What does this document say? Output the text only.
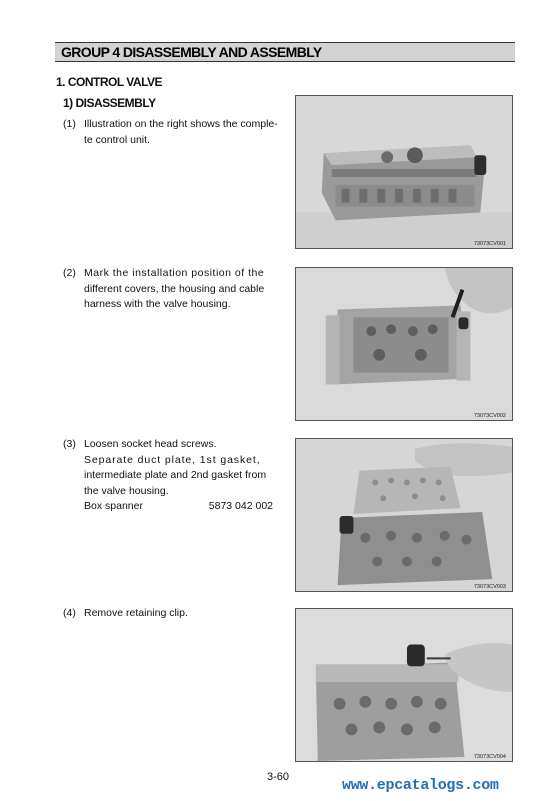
GROUP 4 DISASSEMBLY AND ASSEMBLY
1. CONTROL VALVE
1) DISASSEMBLY
(1) Illustration on the right shows the comple-
te control unit.
(2) Mark the installation position of the
different covers, the housing and cable
harness with the valve housing.
(3) Loosen socket head screws.
Separate duct plate, 1st gasket,
intermediate plate and 2nd gasket from
the valve housing.
Box spanner	5873 042 002
(4) Remove retaining clip.
73073CV001
73073CV002
73073CV003
73073CV004
3-60	www.epcatalogs.com
